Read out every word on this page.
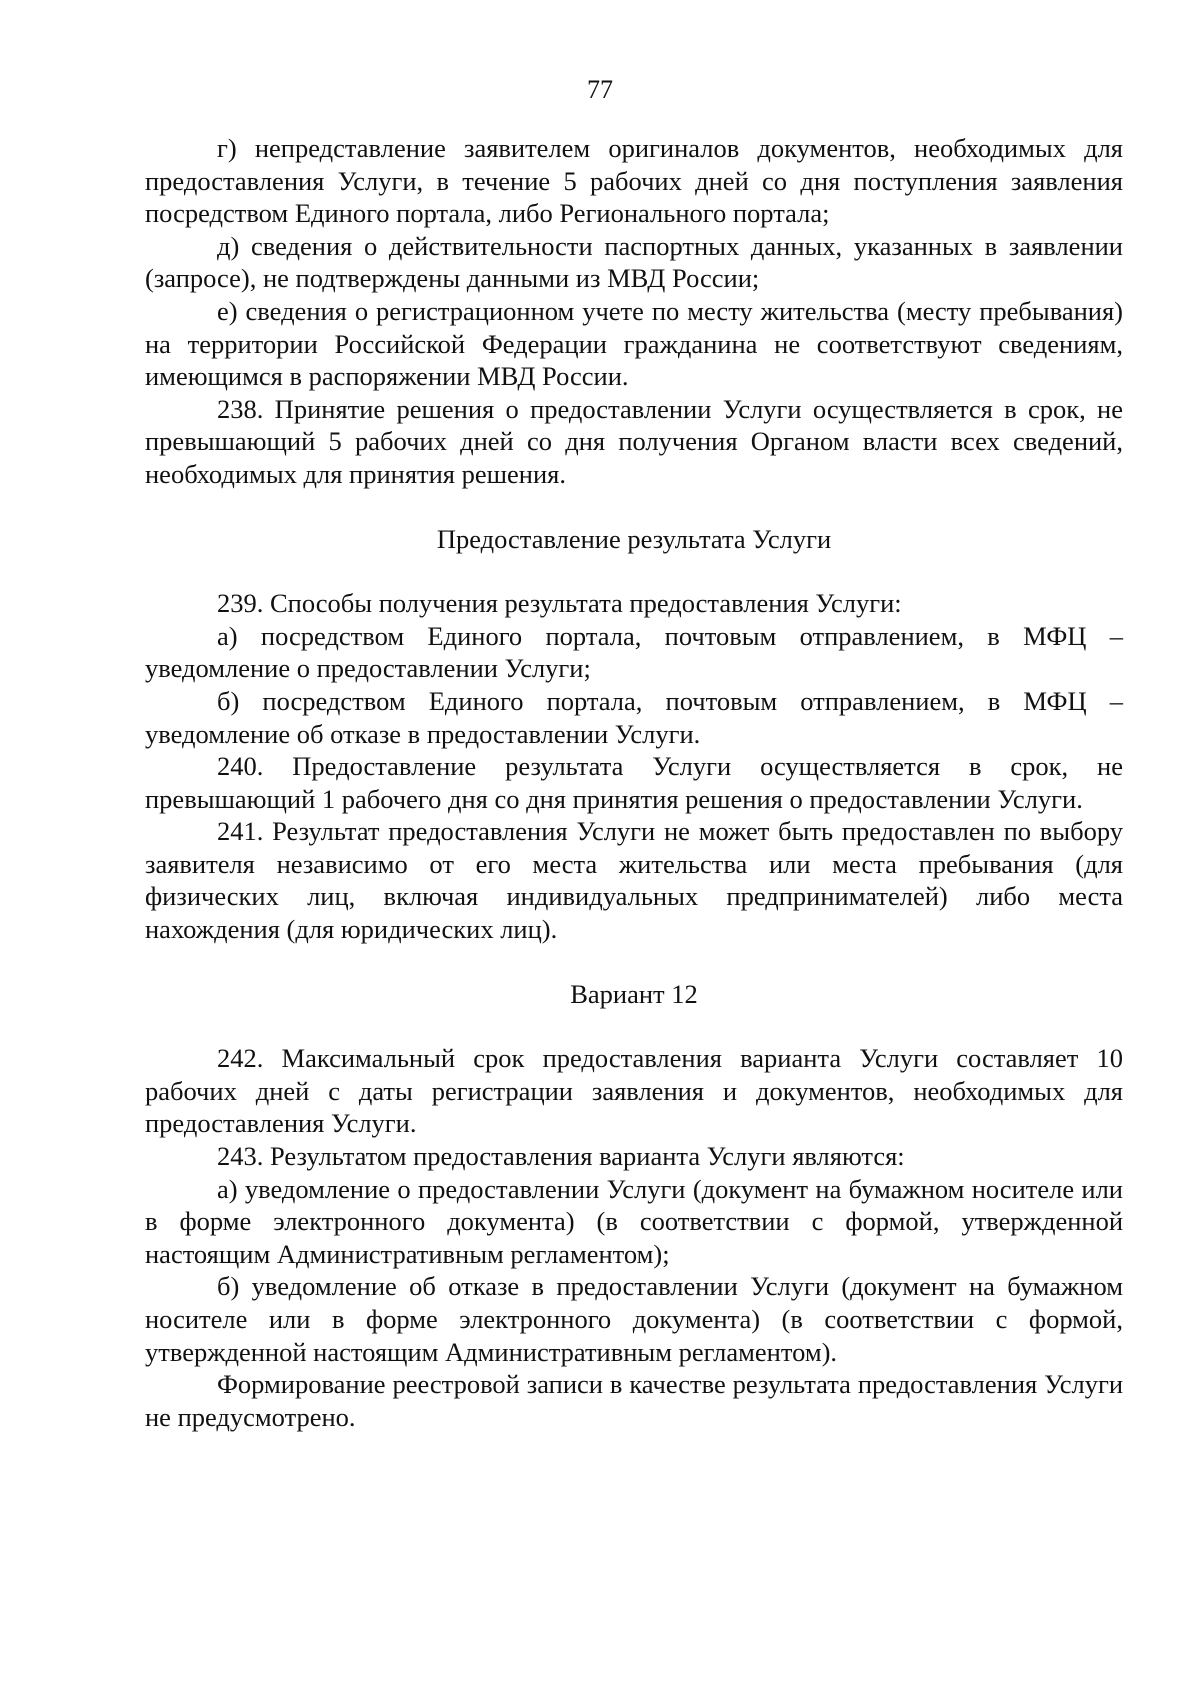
77

г) непредставление заявителем оригиналов документов, необходимых для предоставления Услуги, в течение 5 рабочих дней со дня поступления заявления посредством Единого портала, либо Регионального портала;

д) сведения о действительности паспортных данных, указанных в заявлении (запросе), не подтверждены данными из МВД России;

е) сведения о регистрационном учете по месту жительства (месту пребывания) на территории Российской Федерации гражданина не соответствуют сведениям, имеющимся в распоряжении МВД России.

238. Принятие решения о предоставлении Услуги осуществляется в срок, не превышающий 5 рабочих дней со дня получения Органом власти всех сведений, необходимых для принятия решения.

Предоставление результата Услуги

239. Способы получения результата предоставления Услуги:

а) посредством Единого портала, почтовым отправлением, в МФЦ – уведомление о предоставлении Услуги;

б) посредством Единого портала, почтовым отправлением, в МФЦ – уведомление об отказе в предоставлении Услуги.

240. Предоставление результата Услуги осуществляется в срок, не превышающий 1 рабочего дня со дня принятия решения о предоставлении Услуги.

241. Результат предоставления Услуги не может быть предоставлен по выбору заявителя независимо от его места жительства или места пребывания (для физических лиц, включая индивидуальных предпринимателей) либо места нахождения (для юридических лиц).

Вариант 12

242. Максимальный срок предоставления варианта Услуги составляет 10 рабочих дней с даты регистрации заявления и документов, необходимых для предоставления Услуги.

243. Результатом предоставления варианта Услуги являются:

а) уведомление о предоставлении Услуги (документ на бумажном носителе или в форме электронного документа) (в соответствии с формой, утвержденной настоящим Административным регламентом);

б) уведомление об отказе в предоставлении Услуги (документ на бумажном носителе или в форме электронного документа) (в соответствии с формой, утвержденной настоящим Административным регламентом).

Формирование реестровой записи в качестве результата предоставления Услуги не предусмотрено.
